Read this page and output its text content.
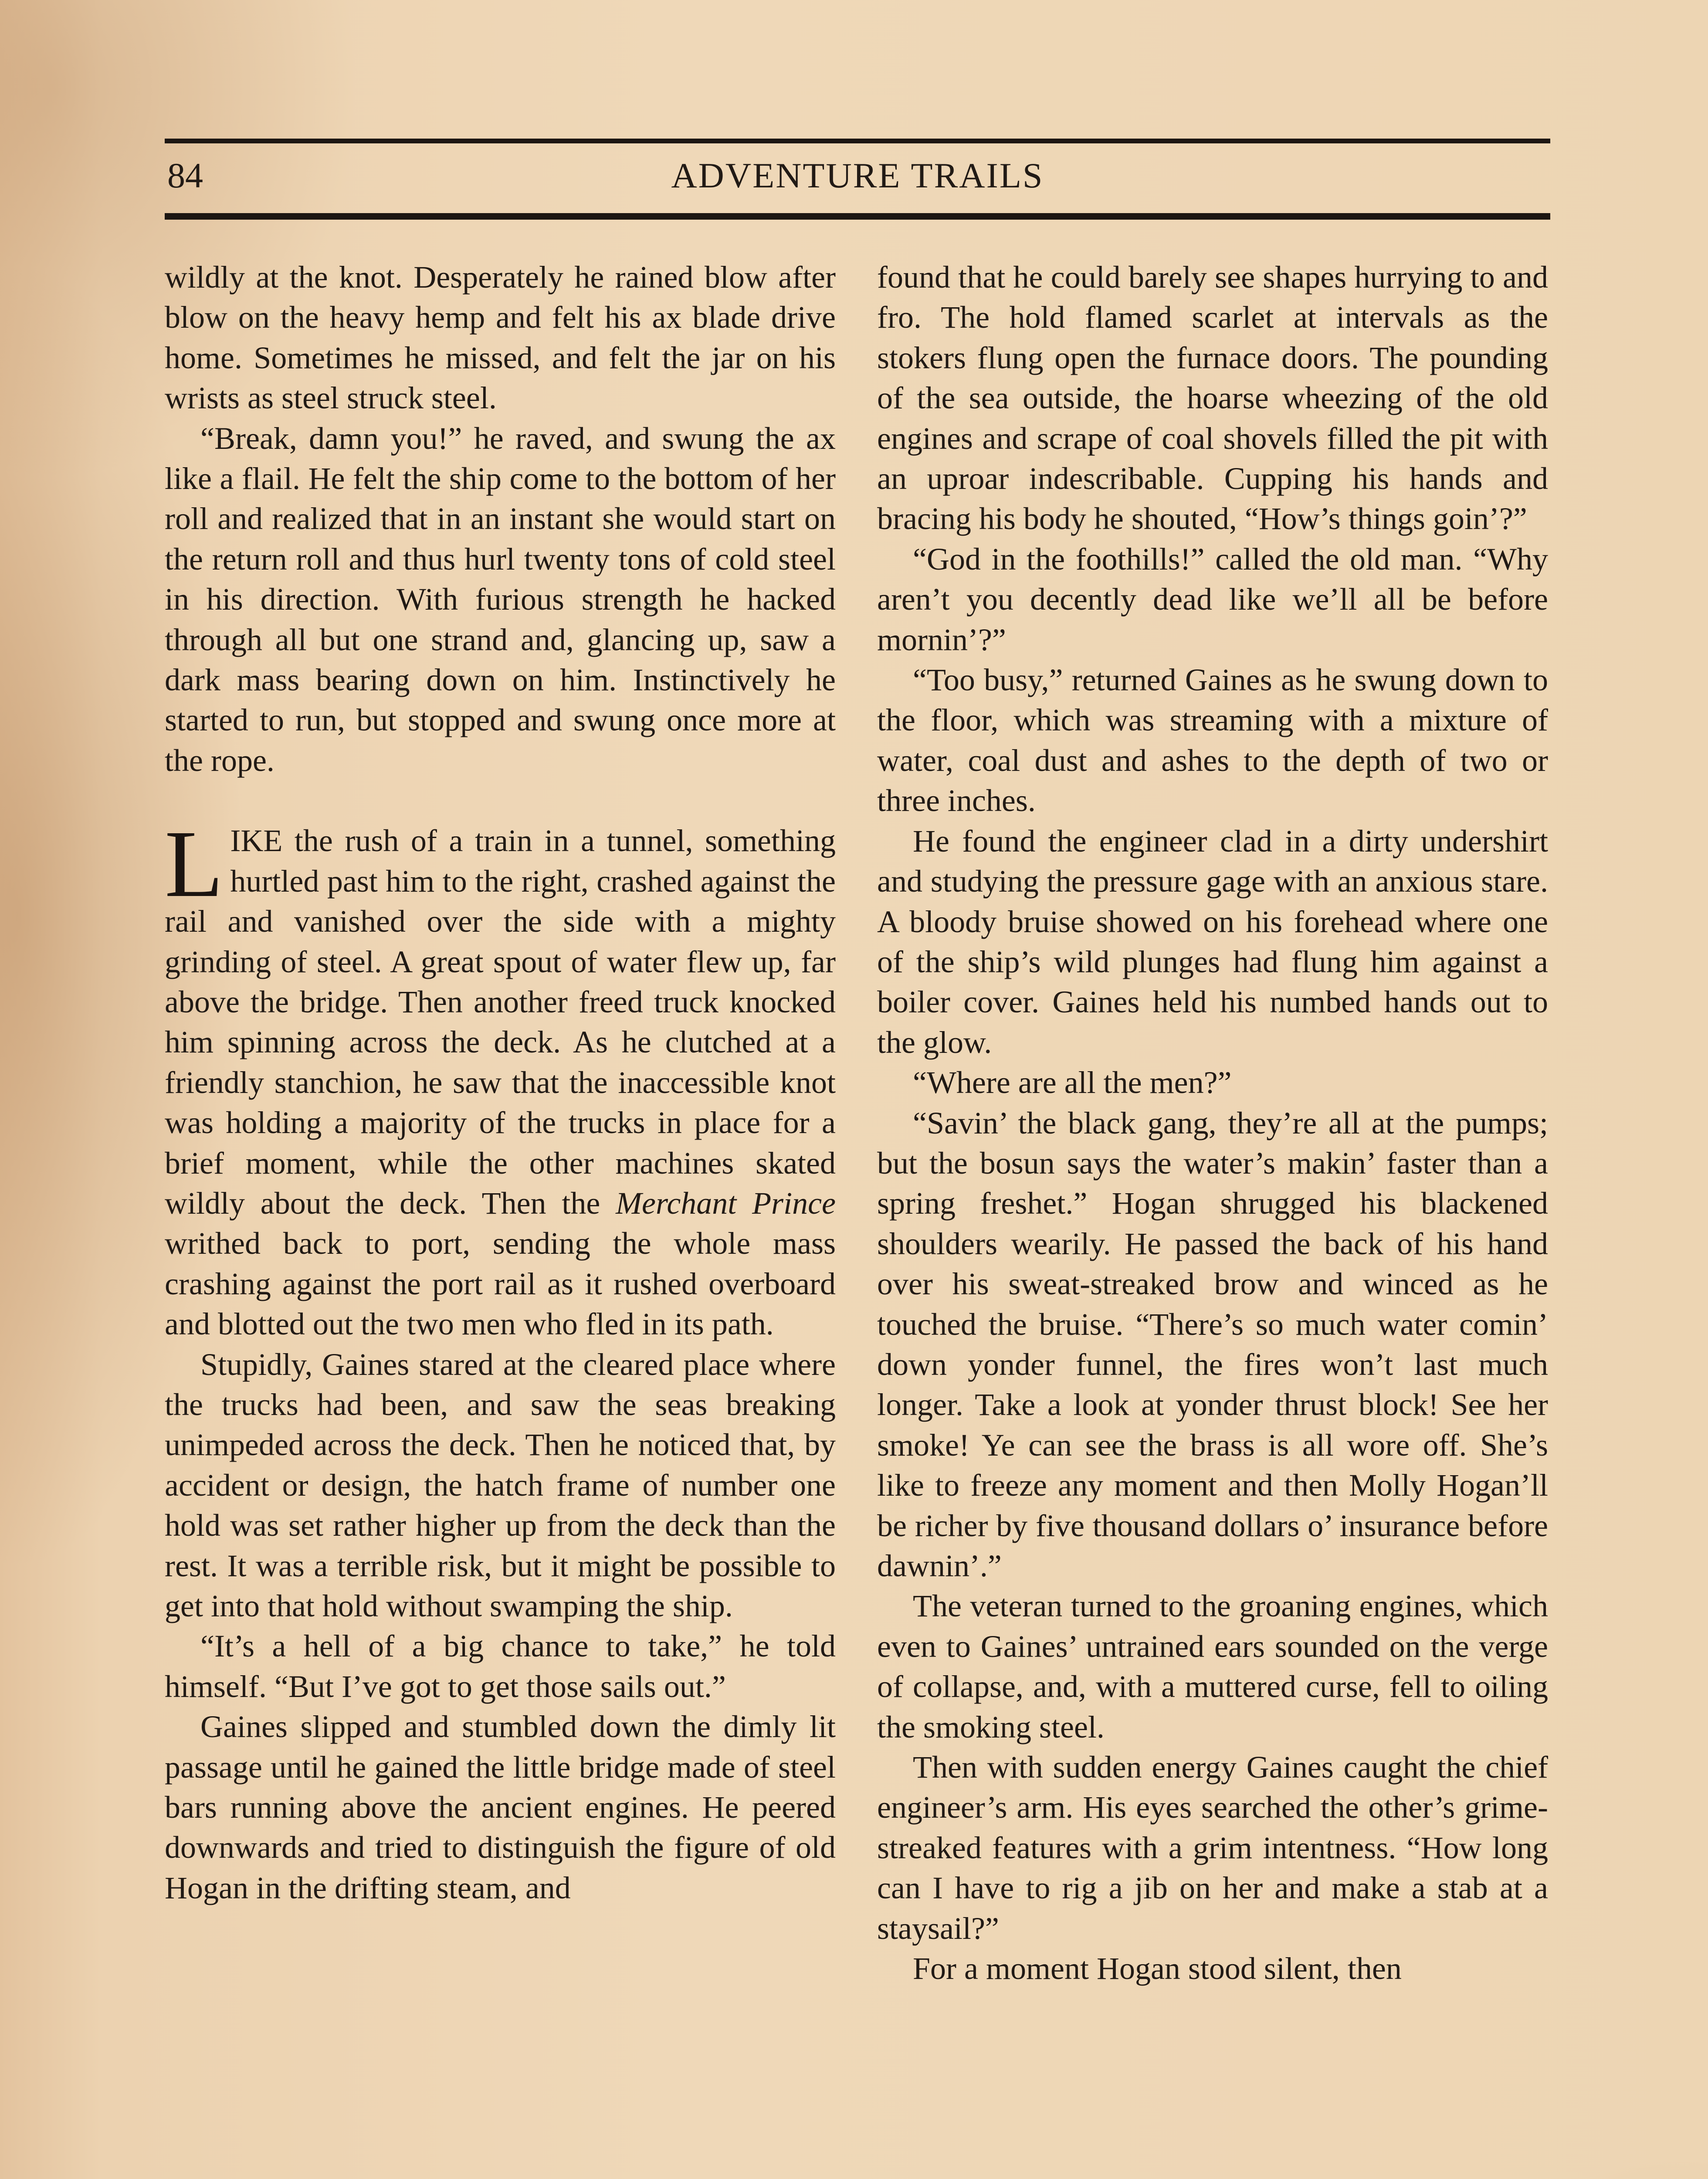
84	ADVENTURE TRAILS

wildly at the knot. Desperately he rained blow after blow on the heavy hemp and felt his ax blade drive home. Sometimes he missed, and felt the jar on his wrists as steel struck steel.

“Break, damn you!” he raved, and swung the ax like a flail. He felt the ship come to the bottom of her roll and realized that in an instant she would start on the return roll and thus hurl twenty tons of cold steel in his direction. With furious strength he hacked through all but one strand and, glancing up, saw a dark mass bearing down on him. Instinctively he started to run, but stopped and swung once more at the rope.

LIKE the rush of a train in a tunnel, something hurtled past him to the right, crashed against the rail and vanished over the side with a mighty grinding of steel. A great spout of water flew up, far above the bridge. Then another freed truck knocked him spinning across the deck. As he clutched at a friendly stanchion, he saw that the inaccessible knot was holding a majority of the trucks in place for a brief moment, while the other machines skated wildly about the deck. Then the Merchant Prince writhed back to port, sending the whole mass crashing against the port rail as it rushed overboard and blotted out the two men who fled in its path.

Stupidly, Gaines stared at the cleared place where the trucks had been, and saw the seas breaking unimpeded across the deck. Then he noticed that, by accident or design, the hatch frame of number one hold was set rather higher up from the deck than the rest. It was a terrible risk, but it might be possible to get into that hold without swamping the ship.

“It’s a hell of a big chance to take,” he told himself. “But I’ve got to get those sails out.”

Gaines slipped and stumbled down the dimly lit passage until he gained the little bridge made of steel bars running above the ancient engines. He peered downwards and tried to distinguish the figure of old Hogan in the drifting steam, and

found that he could barely see shapes hurrying to and fro. The hold flamed scarlet at intervals as the stokers flung open the furnace doors. The pounding of the sea outside, the hoarse wheezing of the old engines and scrape of coal shovels filled the pit with an uproar indescribable. Cupping his hands and bracing his body he shouted, “How’s things goin’?”

“God in the foothills!” called the old man. “Why aren’t you decently dead like we’ll all be before mornin’?”

“Too busy,” returned Gaines as he swung down to the floor, which was streaming with a mixture of water, coal dust and ashes to the depth of two or three inches.

He found the engineer clad in a dirty undershirt and studying the pressure gage with an anxious stare. A bloody bruise showed on his forehead where one of the ship’s wild plunges had flung him against a boiler cover. Gaines held his numbed hands out to the glow.

“Where are all the men?”

“Savin’ the black gang, they’re all at the pumps; but the bosun says the water’s makin’ faster than a spring freshet.” Hogan shrugged his blackened shoulders wearily. He passed the back of his hand over his sweat-streaked brow and winced as he touched the bruise. “There’s so much water comin’ down yonder funnel, the fires won’t last much longer. Take a look at yonder thrust block! See her smoke! Ye can see the brass is all wore off. She’s like to freeze any moment and then Molly Hogan’ll be richer by five thousand dollars o’ insurance before dawnin’.”

The veteran turned to the groaning engines, which even to Gaines’ untrained ears sounded on the verge of collapse, and, with a muttered curse, fell to oiling the smoking steel.

Then with sudden energy Gaines caught the chief engineer’s arm. His eyes searched the other’s grime-streaked features with a grim intentness. “How long can I have to rig a jib on her and make a stab at a staysail?”

For a moment Hogan stood silent, then
